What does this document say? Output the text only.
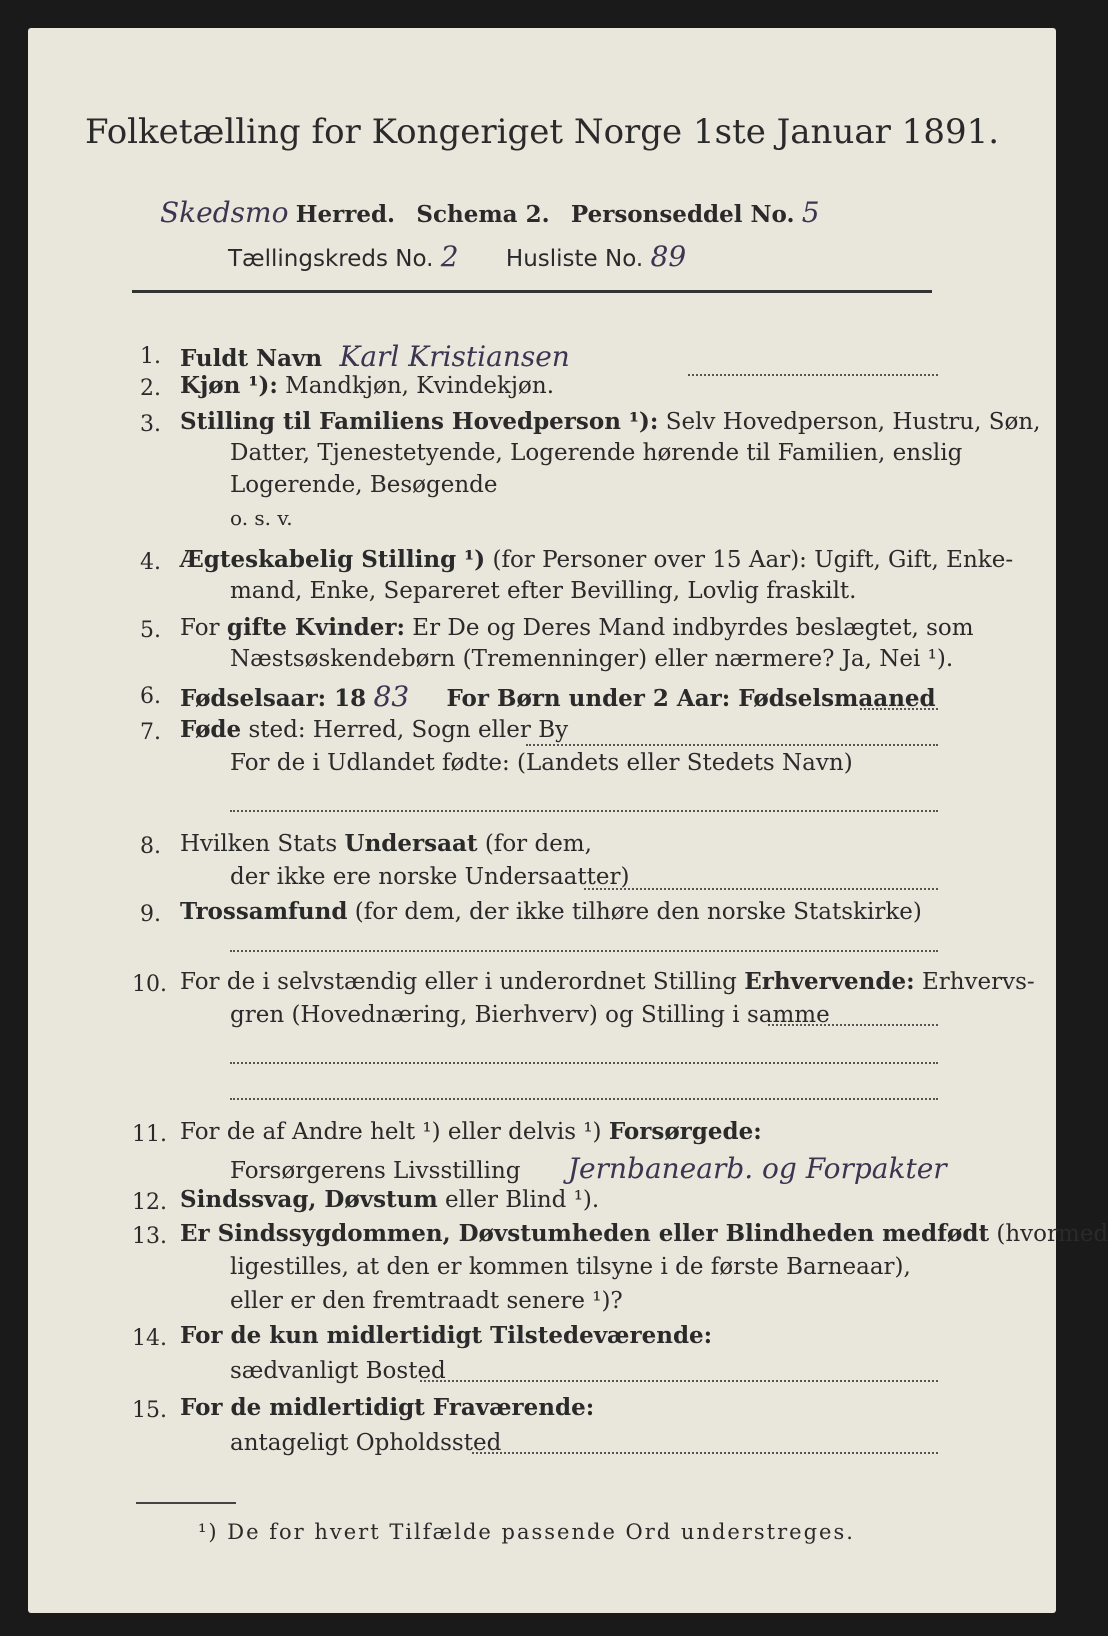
Folketælling for Kongeriget Norge 1ste Januar 1891.
Skedsmo Herred. Schema 2. Personseddel No. 5
Tællingskreds No. 2 Husliste No. 89
1. Fuldt Navn Karl Kristiansen
2. Kjøn ¹): Mandkjøn, Kvindekjøn.
3. Stilling til Familiens Hovedperson ¹): Selv Hovedperson, Hustru, Søn,
Datter, Tjenestetyende, Logerende hørende til Familien, enslig
Logerende, Besøgende
o. s. v.
4. Ægteskabelig Stilling ¹) (for Personer over 15 Aar): Ugift, Gift, Enke-
mand, Enke, Separeret efter Bevilling, Lovlig fraskilt.
5. For gifte Kvinder: Er De og Deres Mand indbyrdes beslægtet, som
Næstsøskendebørn (Tremenninger) eller nærmere? Ja, Nei ¹).
6. Fødselsaar: 18 83 For Børn under 2 Aar: Fødselsmaaned
7. Føde sted: Herred, Sogn eller By
For de i Udlandet fødte: (Landets eller Stedets Navn)
8. Hvilken Stats Undersaat (for dem,
der ikke ere norske Undersaatter)
9. Trossamfund (for dem, der ikke tilhøre den norske Statskirke)
10. For de i selvstændig eller i underordnet Stilling Erhvervende: Erhvervs-
gren (Hovednæring, Bierhverv) og Stilling i samme
11. For de af Andre helt ¹) eller delvis ¹) Forsørgede:
Forsørgerens Livsstilling Jernbanearb. og Forpakter
12. Sindssvag, Døvstum eller Blind ¹).
13. Er Sindssygdommen, Døvstumheden eller Blindheden medfødt (hvormed
ligestilles, at den er kommen tilsyne i de første Barneaar),
eller er den fremtraadt senere ¹)?
14. For de kun midlertidigt Tilstedeværende:
sædvanligt Bosted
15. For de midlertidigt Fraværende:
antageligt Opholdssted
¹) De for hvert Tilfælde passende Ord understreges.
